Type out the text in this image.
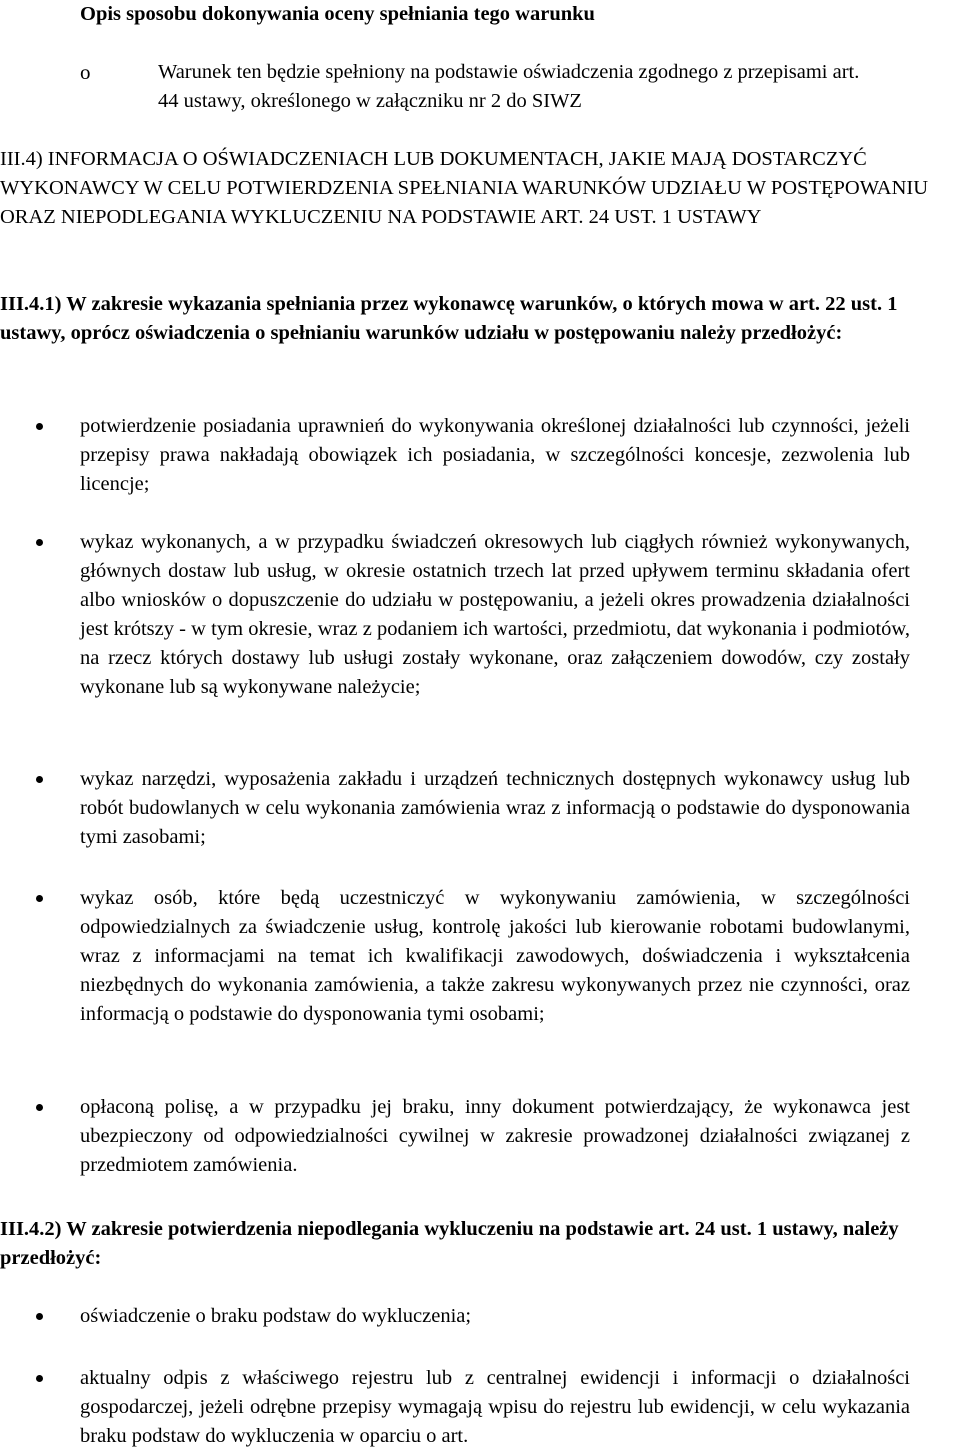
Opis sposobu dokonywania oceny spełniania tego warunku

o	Warunek ten będzie spełniony na podstawie oświadczenia zgodnego z przepisami art. 44 ustawy, określonego w załączniku nr 2 do SIWZ

III.4) INFORMACJA O OŚWIADCZENIACH LUB DOKUMENTACH, JAKIE MAJĄ DOSTARCZYĆ WYKONAWCY W CELU POTWIERDZENIA SPEŁNIANIA WARUNKÓW UDZIAŁU W POSTĘPOWANIU ORAZ NIEPODLEGANIA WYKLUCZENIU NA PODSTAWIE ART. 24 UST. 1 USTAWY

III.4.1) W zakresie wykazania spełniania przez wykonawcę warunków, o których mowa w art. 22 ust. 1 ustawy, oprócz oświadczenia o spełnianiu warunków udziału w postępowaniu należy przedłożyć:

potwierdzenie posiadania uprawnień do wykonywania określonej działalności lub czynności, jeżeli przepisy prawa nakładają obowiązek ich posiadania, w szczególności koncesje, zezwolenia lub licencje;

wykaz wykonanych, a w przypadku świadczeń okresowych lub ciągłych również wykonywanych, głównych dostaw lub usług, w okresie ostatnich trzech lat przed upływem terminu składania ofert albo wniosków o dopuszczenie do udziału w postępowaniu, a jeżeli okres prowadzenia działalności jest krótszy - w tym okresie, wraz z podaniem ich wartości, przedmiotu, dat wykonania i podmiotów, na rzecz których dostawy lub usługi zostały wykonane, oraz załączeniem dowodów, czy zostały wykonane lub są wykonywane należycie;

wykaz narzędzi, wyposażenia zakładu i urządzeń technicznych dostępnych wykonawcy usług lub robót budowlanych w celu wykonania zamówienia wraz z informacją o podstawie do dysponowania tymi zasobami;

wykaz osób, które będą uczestniczyć w wykonywaniu zamówienia, w szczególności odpowiedzialnych za świadczenie usług, kontrolę jakości lub kierowanie robotami budowlanymi, wraz z informacjami na temat ich kwalifikacji zawodowych, doświadczenia i wykształcenia niezbędnych do wykonania zamówienia, a także zakresu wykonywanych przez nie czynności, oraz informacją o podstawie do dysponowania tymi osobami;

opłaconą polisę, a w przypadku jej braku, inny dokument potwierdzający, że wykonawca jest ubezpieczony od odpowiedzialności cywilnej w zakresie prowadzonej działalności związanej z przedmiotem zamówienia.

III.4.2) W zakresie potwierdzenia niepodlegania wykluczeniu na podstawie art. 24 ust. 1 ustawy, należy przedłożyć:

oświadczenie o braku podstaw do wykluczenia;

aktualny odpis z właściwego rejestru lub z centralnej ewidencji i informacji o działalności gospodarczej, jeżeli odrębne przepisy wymagają wpisu do rejestru lub ewidencji, w celu wykazania braku podstaw do wykluczenia w oparciu o art.
